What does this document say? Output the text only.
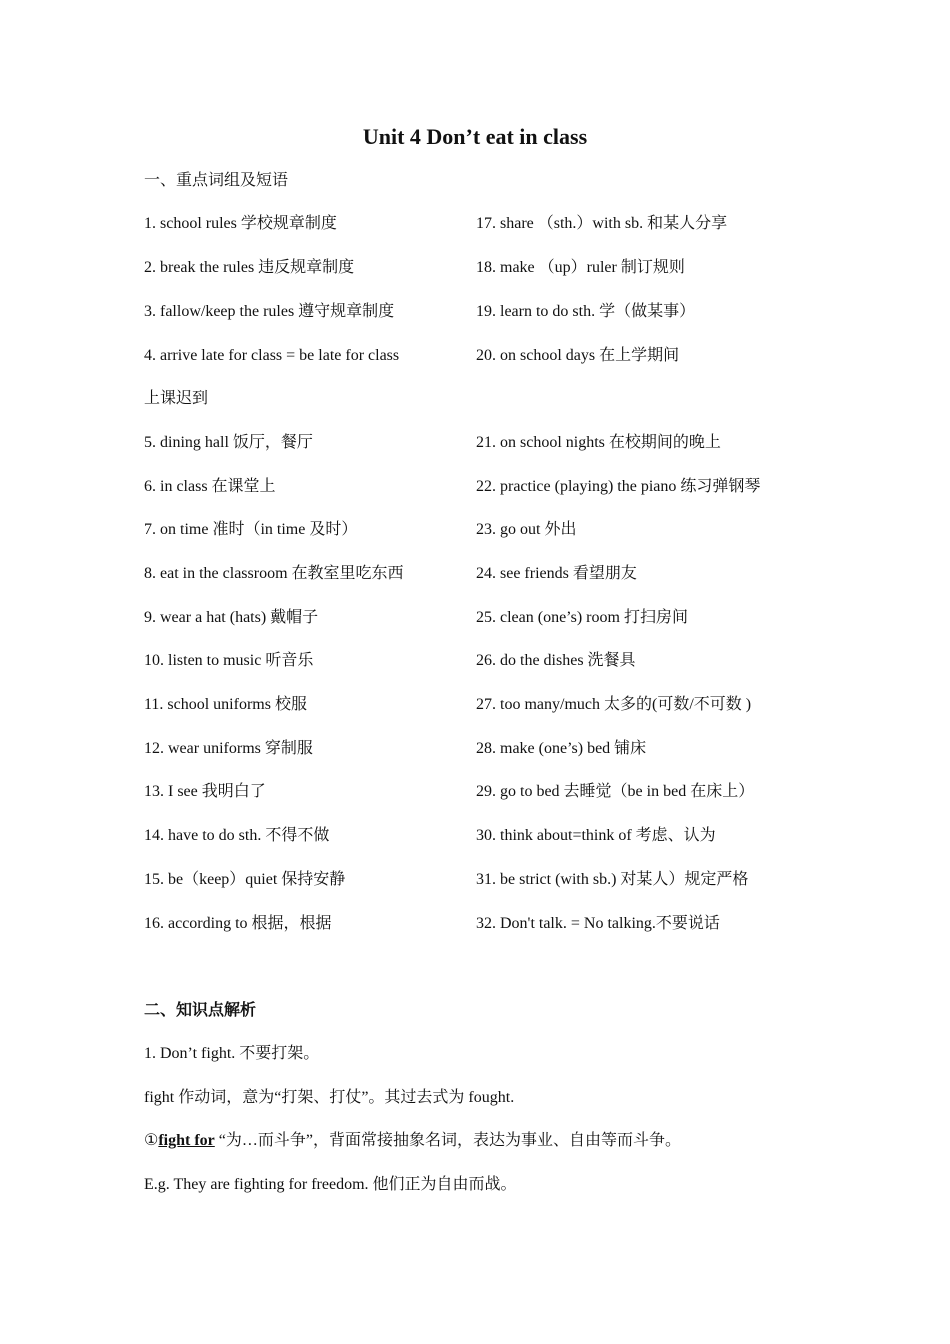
Unit 4 Don’t eat in class
一、重点词组及短语
1. school rules 学校规章制度	17. share （sth.）with sb. 和某人分享
2. break the rules 违反规章制度	18. make （up）ruler 制订规则
3. fallow/keep the rules 遵守规章制度	19. learn to do sth. 学（做某事）
4. arrive late for class = be late for class	20. on school days 在上学期间
上课迟到
5. dining hall 饭厅，餐厅	21. on school nights 在校期间的晚上
6. in class 在课堂上	22. practice (playing) the piano 练习弹钢琴
7. on time 准时（in time 及时）	23. go out 外出
8. eat in the classroom 在教室里吃东西	24. see friends 看望朋友
9. wear a hat (hats) 戴帽子	25. clean (one’s) room 打扫房间
10. listen to music 听音乐	26. do the dishes 洗餐具
11. school uniforms 校服	27. too many/much 太多的(可数/不可数 )
12. wear uniforms 穿制服	28. make (one’s) bed 铺床
13. I see 我明白了	29. go to bed 去睡觉（be in bed 在床上）
14. have to do sth. 不得不做	30. think about=think of 考虑、认为
15. be（keep）quiet 保持安静	31. be strict (with sb.) 对某人）规定严格
16. according to 根据，根据	32. Don't talk. = No talking.不要说话
二、知识点解析
1. Don’t fight. 不要打架。
fight 作动词，意为“打架、打仗”。其过去式为 fought.
①fight for “为…而斗争”，背面常接抽象名词，表达为事业、自由等而斗争。
E.g. They are fighting for freedom. 他们正为自由而战。
